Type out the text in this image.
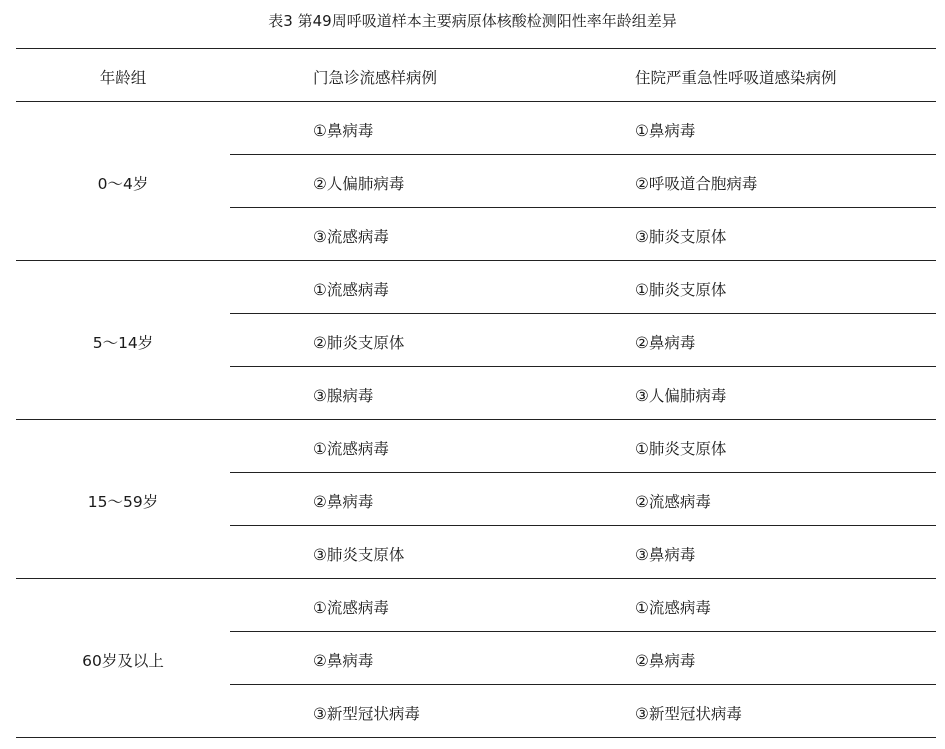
表3 第49周呼吸道样本主要病原体核酸检测阳性率年龄组差异
年龄组	门急诊流感样病例	住院严重急性呼吸道感染病例
0～4岁
①鼻病毒	①鼻病毒
②人偏肺病毒	②呼吸道合胞病毒
③流感病毒	③肺炎支原体
5～14岁
①流感病毒	①肺炎支原体
②肺炎支原体	②鼻病毒
③腺病毒	③人偏肺病毒
15～59岁
①流感病毒	①肺炎支原体
②鼻病毒	②流感病毒
③肺炎支原体	③鼻病毒
60岁及以上
①流感病毒	①流感病毒
②鼻病毒	②鼻病毒
③新型冠状病毒	③新型冠状病毒
